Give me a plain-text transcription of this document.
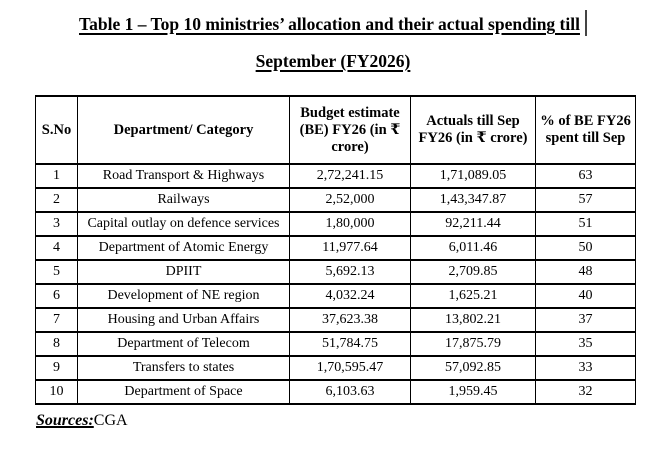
Table 1 – Top 10 ministries’ allocation and their actual spending till
September (FY2026)
S.No	Department/ Category	Budget estimate (BE) FY26 (in ₹ crore)	Actuals till Sep FY26 (in ₹ crore)	% of BE FY26 spent till Sep
1	Road Transport & Highways	2,72,241.15	1,71,089.05	63
2	Railways	2,52,000	1,43,347.87	57
3	Capital outlay on defence services	1,80,000	92,211.44	51
4	Department of Atomic Energy	11,977.64	6,011.46	50
5	DPIIT	5,692.13	2,709.85	48
6	Development of NE region	4,032.24	1,625.21	40
7	Housing and Urban Affairs	37,623.38	13,802.21	37
8	Department of Telecom	51,784.75	17,875.79	35
9	Transfers to states	1,70,595.47	57,092.85	33
10	Department of Space	6,103.63	1,959.45	32
Sources:CGA
